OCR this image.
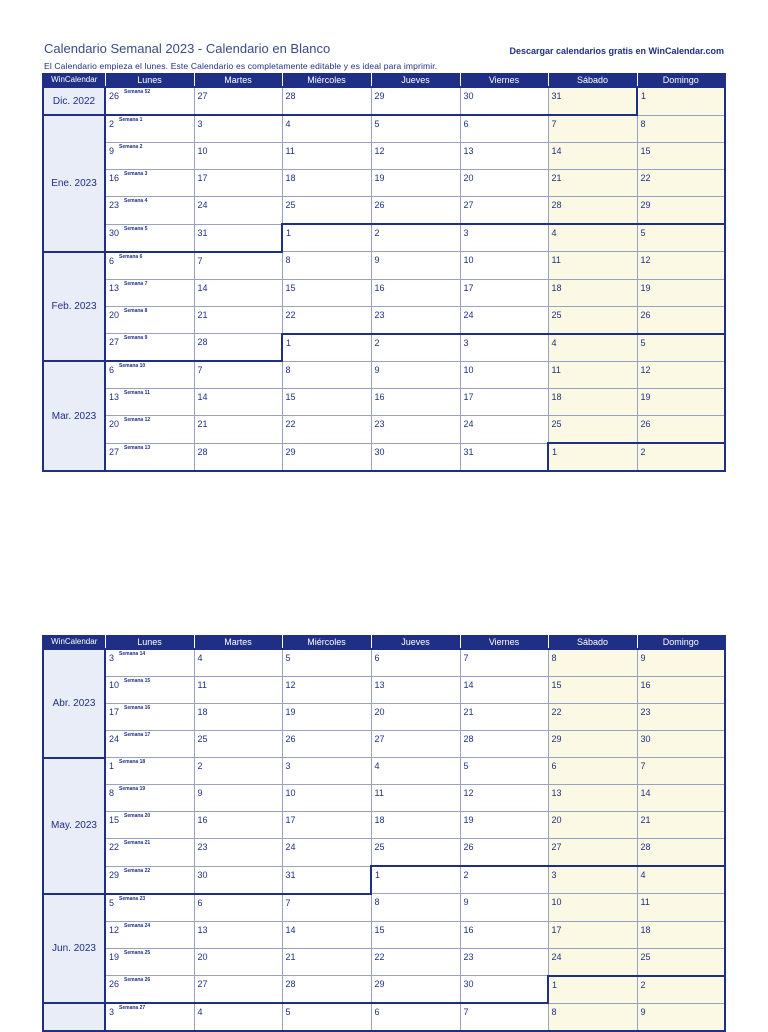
Calendario Semanal 2023 - Calendario en Blanco	Descargar calendarios gratis en WinCalendar.com
El Calendario empieza el lunes. Este Calendario es completamente editable y es ideal para imprimir.
WinCalendar	Lunes	Martes	Miércoles	Jueves	Viernes	Sábado	Domingo
Dic. 2022	26 $^{Semana 52}$	27	28	29	30	31	1
Ene. 2023	2 $^{Semana 1}$	3	4	5	6	7	8
	9 $^{Semana 2}$	10	11	12	13	14	15
	16 $^{Semana 3}$	17	18	19	20	21	22
	23 $^{Semana 4}$	24	25	26	27	28	29
	30 $^{Semana 5}$	31	1	2	3	4	5
Feb. 2023	6 $^{Semana 6}$	7	8	9	10	11	12
	13 $^{Semana 7}$	14	15	16	17	18	19
	20 $^{Semana 8}$	21	22	23	24	25	26
	27 $^{Semana 9}$	28	1	2	3	4	5
Mar. 2023	6 $^{Semana 10}$	7	8	9	10	11	12
	13 $^{Semana 11}$	14	15	16	17	18	19
	20 $^{Semana 12}$	21	22	23	24	25	26
	27 $^{Semana 13}$	28	29	30	31	1	2
WinCalendar	Lunes	Martes	Miércoles	Jueves	Viernes	Sábado	Domingo
Abr. 2023	3 $^{Semana 14}$	4	5	6	7	8	9
	10 $^{Semana 15}$	11	12	13	14	15	16
	17 $^{Semana 16}$	18	19	20	21	22	23
	24 $^{Semana 17}$	25	26	27	28	29	30
May. 2023	1 $^{Semana 18}$	2	3	4	5	6	7
	8 $^{Semana 19}$	9	10	11	12	13	14
	15 $^{Semana 20}$	16	17	18	19	20	21
	22 $^{Semana 21}$	23	24	25	26	27	28
	29 $^{Semana 22}$	30	31	1	2	3	4
Jun. 2023	5 $^{Semana 23}$	6	7	8	9	10	11
	12 $^{Semana 24}$	13	14	15	16	17	18
	19 $^{Semana 25}$	20	21	22	23	24	25
	26 $^{Semana 26}$	27	28	29	30	1	2
	3 $^{Semana 27}$	4	5	6	7	8	9
